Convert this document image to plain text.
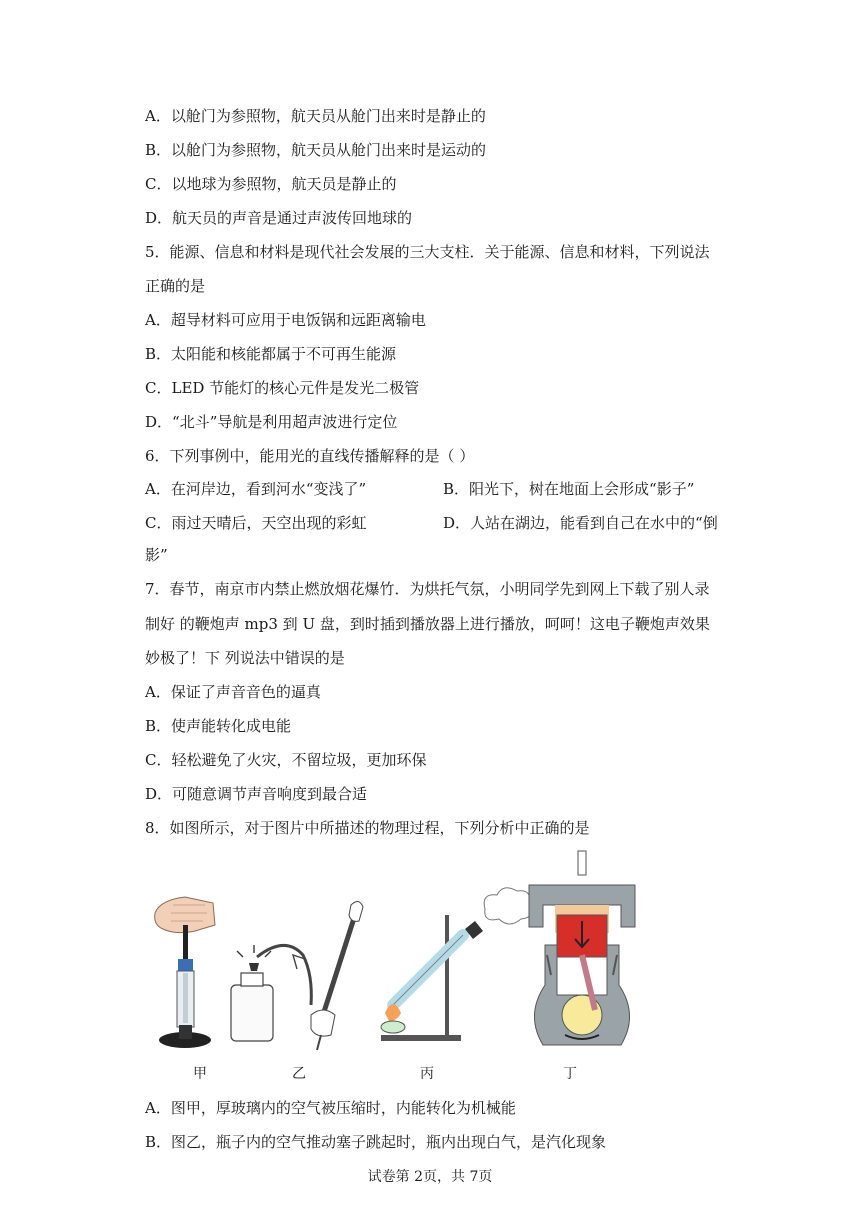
A．以舱门为参照物，航天员从舱门出来时是静止的
B．以舱门为参照物，航天员从舱门出来时是运动的
C．以地球为参照物，航天员是静止的
D．航天员的声音是通过声波传回地球的
5．能源、信息和材料是现代社会发展的三大支柱．关于能源、信息和材料，下列说法
正确的是
A．超导材料可应用于电饭锅和远距离输电
B．太阳能和核能都属于不可再生能源
C．LED 节能灯的核心元件是发光二极管
D．“北斗”导航是利用超声波进行定位
6．下列事例中，能用光的直线传播解释的是（ ）
A．在河岸边，看到河水“变浅了”	B．阳光下，树在地面上会形成“影子”
C．雨过天晴后，天空出现的彩虹	D．人站在湖边，能看到自己在水中的“倒
影”
7．春节，南京市内禁止燃放烟花爆竹．为烘托气氛，小明同学先到网上下载了别人录
制好 的鞭炮声 mp3 到 U 盘，到时插到播放器上进行播放，呵呵！这电子鞭炮声效果
妙极了！下 列说法中错误的是
A．保证了声音音色的逼真
B．使声能转化成电能
C．轻松避免了火灾，不留垃圾，更加环保
D．可随意调节声音响度到最合适
8．如图所示，对于图片中所描述的物理过程，下列分析中正确的是
甲	乙	丙	丁
A．图甲，厚玻璃内的空气被压缩时，内能转化为机械能
B．图乙，瓶子内的空气推动塞子跳起时，瓶内出现白气，是汽化现象
试卷第 2页，共 7页
